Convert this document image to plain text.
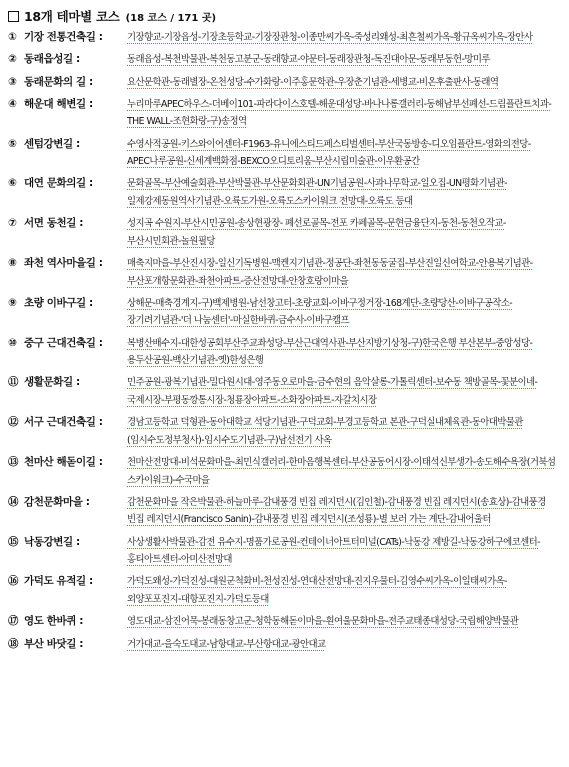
18개 테마별 코스 (18 코스 / 171 곳)
① 기장 전통건축길 :	기장향교-기장읍성-기장초등학교-기장장관청-이종만씨가옥-죽성리왜성-최흔철씨가옥-황규옥씨가옥-장안사
② 동래읍성길 :	동래읍성-복천박물관-복천동고분군-동래향교-야문터-동래장관청-독진대아문-동래부동헌-망미루
③ 동래문화의 길 :	요산문학관-동래별장-온천성당-수가화랑-이주홍문학관-우장춘기념관-세병교-비온후출판사-동래역
④ 해운대 해변길 :	누리마루APEC하우스-더베이101-파라다이스호텔-해운대성당-바나나롱갤러리-동해남부선폐선-드림플란트치과-THE WALL-조현화랑-구)송정역
⑤ 센텀강변길 :	수영사적공원-키스와이어센터-F1963-유니에스티드페스티벌센터-부산국동방송-디오임플란트-영화의전당-APEC나루공원-신세계백화점-BEXCO오디토리움-부산시립미술관-이우환공간
⑥ 대연 문화의길 :	문화골목-부산예술회관-부산박물관-부산문화회관-UN기념공원-사과나무학교-일오집-UN평화기념관-일제강제동원역사기념관-오륙도가원-오륙도스카이워크 전망대-오륙도 등대
⑦ 서면 동천길 :	성지곡 수원지-부산시민공원-송상현광장- 폐선로골목-전포 카페골목-문현금융단지-동천-동천오작교-부산시민회관-놀원필당
⑧ 좌천 역사마을길 :	매축지마을-부산진시장-일신기독병원-맥켄지기념관-정공단-좌천동동굴집-부산진일신여학교-안용복기념관-부산포개항문화관-좌천아파트-증산전망대-안창호랑이마을
⑨ 초량 이바구길 :	상해문-매축경계지-구)백제병원-남선창고터-초량교회-이바구정거장-168계단-초량당산-이바구공작소-장기려기념관-'더 나눔센터'-마실한바퀴-금수사-이바구캠프
⑩ 중구 근대건축길 :	복병산배수지-대한성공회부산주교좌성당-부산근대역사관-부산지방기상청-구)한국은행 부산본부-중앙성당-용두산공원-백산기념관-옛)한성은행
⑪ 생활문화길 :	민주공원-광복기념관-밀다원시대-영주동오로마을-금수현의 음악살롱-가톨릭센터-보수동 책방골목-꽃분이네-국제시장-부평동깡통시장-청룡장아파트-소화장아파트-자갈치시장
⑫ 서구 근대건축길 :	경남고등학교 덕형관-동아대학교 석당기념관-구덕교회-부경고등학교 본관-구덕실내체육관-동아대박물관(임시수도정부청사)-임시수도기념관-구)남선전기 사옥
⑬ 천마산 해돋이길 :	천마산전망대-비석문화마을-최민식갤러리-한마음행복센터-부산공동어시장-이태석신부생가-송도해수욕장(거북섬 스카이워크)-수국마을
⑭ 감천문화마을 :	감천문화마을 작은박물관-하늘마루-감내풍경 빈집 레지던시(김인철)-감내풍경 빈집 레지던시(송효상)-감내풍경 빈집 레지던시(Francisco Sanin)-감내풍경 빈집 레지던시(조성룡)-별 보러 가는 계단-감내어울터
⑮ 낙동강변길 :	사상생활사박물관-감전 유수지-명품가로공원-컨테이너아트터미널(CATs)-낙동강 제방길-낙동강하구에코센터-홍티아트센터-아미산전망대
⑯ 가덕도 유적길 :	가덕도왜성-가덕진성-대원군척화비-천성진성-연대산전망대-진지우물터-김영수씨가옥-이일태씨가옥-외양포포진지-대항포진지-가덕도등대
⑰ 영도 한바퀴 :	영도대교-삼진어묵-봉래동창고군-청학동해돋이마을-흰여울문화마을-전주교태종대성당-국립해양박물관
⑱ 부산 바닷길 :	거가대교-을숙도대교-남항대교-부산항대교-광안대교
